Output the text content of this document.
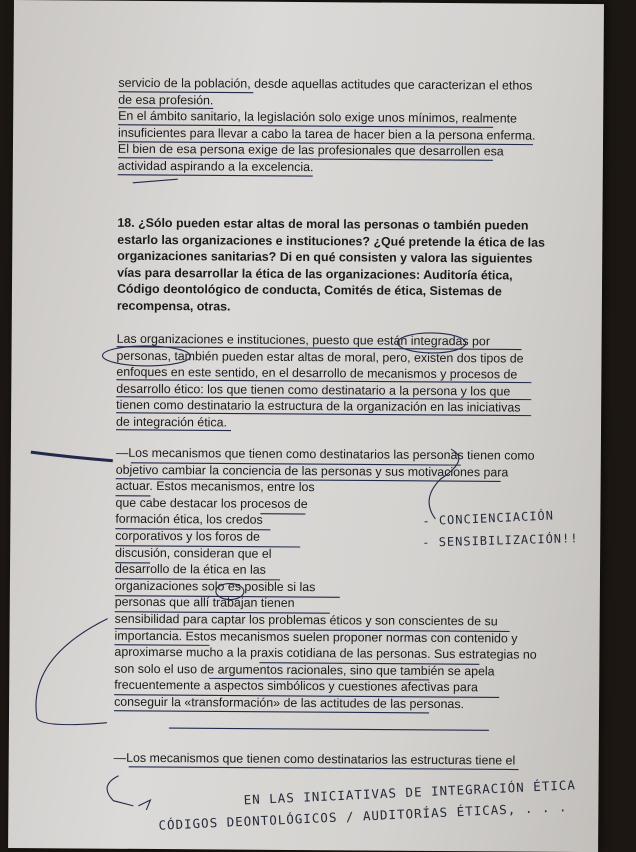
servicio de la población, desde aquellas actitudes que caracterizan el ethos
de esa profesión.
En el ámbito sanitario, la legislación solo exige unos mínimos, realmente
insuficientes para llevar a cabo la tarea de hacer bien a la persona enferma.
El bien de esa persona exige de las profesionales que desarrollen esa
actividad aspirando a la excelencia.
18. ¿Sólo pueden estar altas de moral las personas o también pueden
estarlo las organizaciones e instituciones? ¿Qué pretende la ética de las
organizaciones sanitarias? Di en qué consisten y valora las siguientes
vías para desarrollar la ética de las organizaciones: Auditoría ética,
Código deontológico de conducta, Comités de ética, Sistemas de
recompensa, otras.
Las organizaciones e instituciones, puesto que están integradas por
personas, también pueden estar altas de moral, pero, existen dos tipos de
enfoques en este sentido, en el desarrollo de mecanismos y procesos de
desarrollo ético: los que tienen como destinatario a la persona y los que
tienen como destinatario la estructura de la organización en las iniciativas
de integración ética.
—Los mecanismos que tienen como destinatarios las personas tienen como
objetivo cambiar la conciencia de las personas y sus motivaciones para
actuar. Estos mecanismos, entre los
que cabe destacar los procesos de
formación ética, los credos
corporativos y los foros de
discusión, consideran que el
desarrollo de la ética en las
organizaciones solo es posible si las
personas que allí trabajan tienen
sensibilidad para captar los problemas éticos y son conscientes de su
importancia. Estos mecanismos suelen proponer normas con contenido y
aproximarse mucho a la praxis cotidiana de las personas. Sus estrategias no
son solo el uso de argumentos racionales, sino que también se apela
frecuentemente a aspectos simbólicos y cuestiones afectivas para
conseguir la «transformación» de las actitudes de las personas.
—Los mecanismos que tienen como destinatarios las estructuras tiene el
- CONCIENCIACIÓN
- SENSIBILIZACIÓN!!
EN LAS INICIATIVAS DE INTEGRACIÓN ÉTICA
CÓDIGOS DEONTOLÓGICOS / AUDITORÍAS ÉTICAS, . . .
